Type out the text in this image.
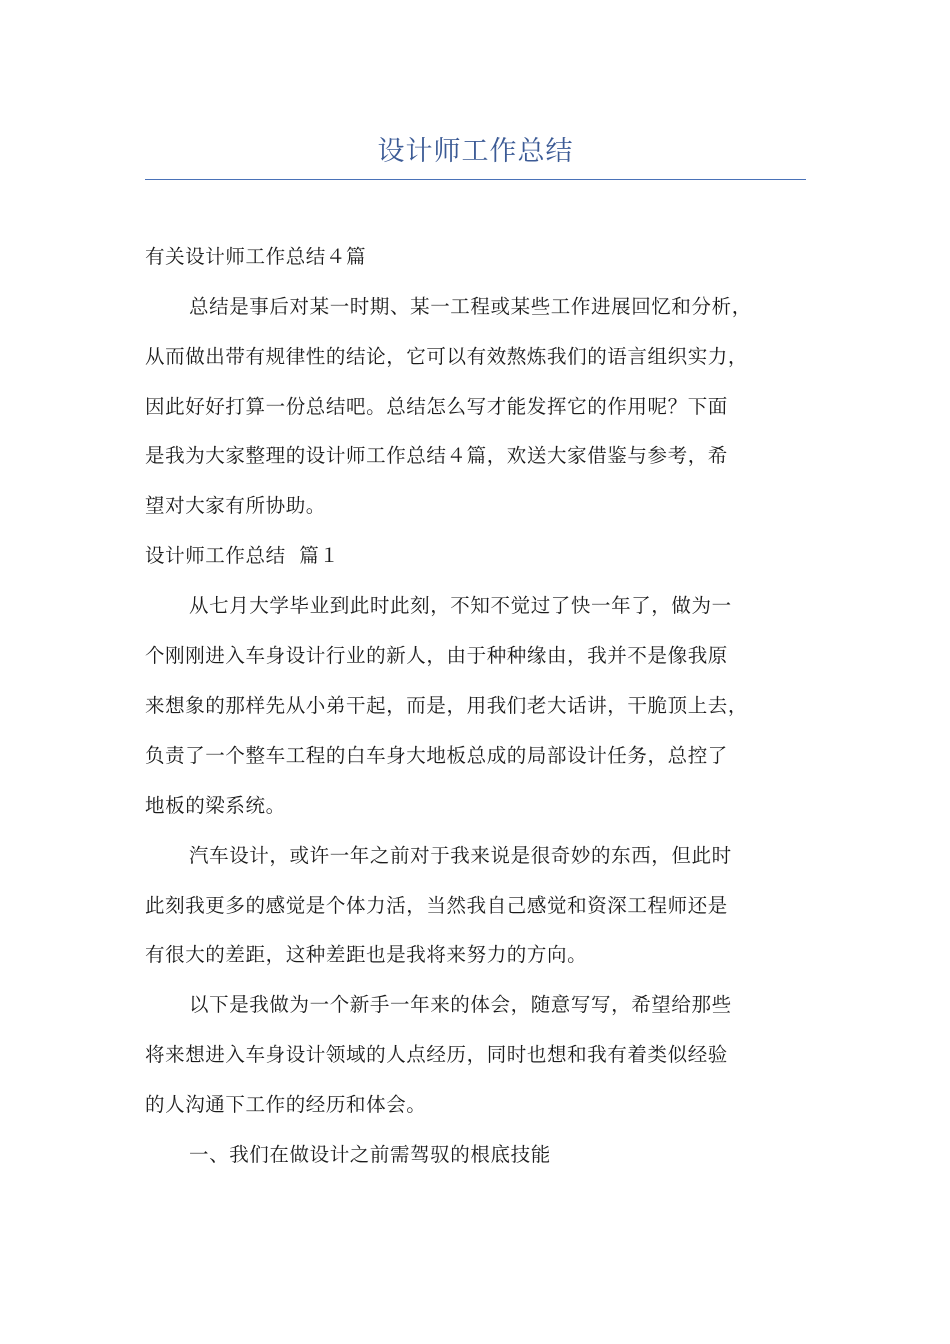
设计师工作总结
有关设计师工作总结４篇
总结是事后对某一时期、某一工程或某些工作进展回忆和分析，
从而做出带有规律性的结论，它可以有效熬炼我们的语言组织实力，
因此好好打算一份总结吧。总结怎么写才能发挥它的作用呢？下面
是我为大家整理的设计师工作总结４篇，欢送大家借鉴与参考，希
望对大家有所协助。
设计师工作总结  篇１
从七月大学毕业到此时此刻，不知不觉过了快一年了，做为一
个刚刚进入车身设计行业的新人，由于种种缘由，我并不是像我原
来想象的那样先从小弟干起，而是，用我们老大话讲，干脆顶上去，
负责了一个整车工程的白车身大地板总成的局部设计任务，总控了
地板的梁系统。
汽车设计，或许一年之前对于我来说是很奇妙的东西，但此时
此刻我更多的感觉是个体力活，当然我自己感觉和资深工程师还是
有很大的差距，这种差距也是我将来努力的方向。
以下是我做为一个新手一年来的体会，随意写写，希望给那些
将来想进入车身设计领域的人点经历，同时也想和我有着类似经验
的人沟通下工作的经历和体会。
一、我们在做设计之前需驾驭的根底技能
